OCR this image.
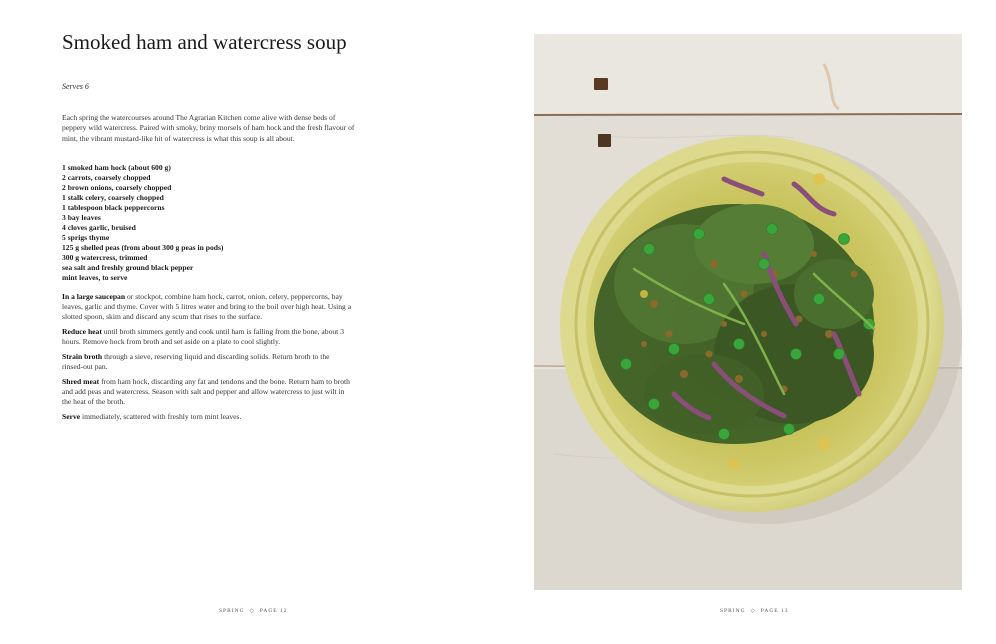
Smoked ham and watercress soup
Serves 6

Each spring the watercourses around The Agrarian Kitchen come alive with dense beds of peppery wild watercress. Paired with smoky, briny morsels of ham hock and the fresh flavour of mint, the vibrant mustard-like hit of watercress is what this soup is all about.

1 smoked ham hock (about 600 g)
2 carrots, coarsely chopped
2 brown onions, coarsely chopped
1 stalk celery, coarsely chopped
1 tablespoon black peppercorns
3 bay leaves
4 cloves garlic, bruised
5 sprigs thyme
125 g shelled peas (from about 300 g peas in pods)
300 g watercress, trimmed
sea salt and freshly ground black pepper
mint leaves, to serve

In a large saucepan or stockpot, combine ham hock, carrot, onion, celery, peppercorns, bay leaves, garlic and thyme. Cover with 5 litres water and bring to the boil over high heat. Using a slotted spoon, skim and discard any scum that rises to the surface.

Reduce heat until broth simmers gently and cook until ham is falling from the bone, about 3 hours. Remove hock from broth and set aside on a plate to cool slightly.

Strain broth through a sieve, reserving liquid and discarding solids. Return broth to the rinsed-out pan.

Shred meat from ham hock, discarding any fat and tendons and the bone. Return ham to broth and add peas and watercress. Season with salt and pepper and allow watercress to just wilt in the heat of the broth.

Serve immediately, scattered with freshly torn mint leaves.

SPRING ◇ PAGE 12	SPRING ◇ PAGE 13
